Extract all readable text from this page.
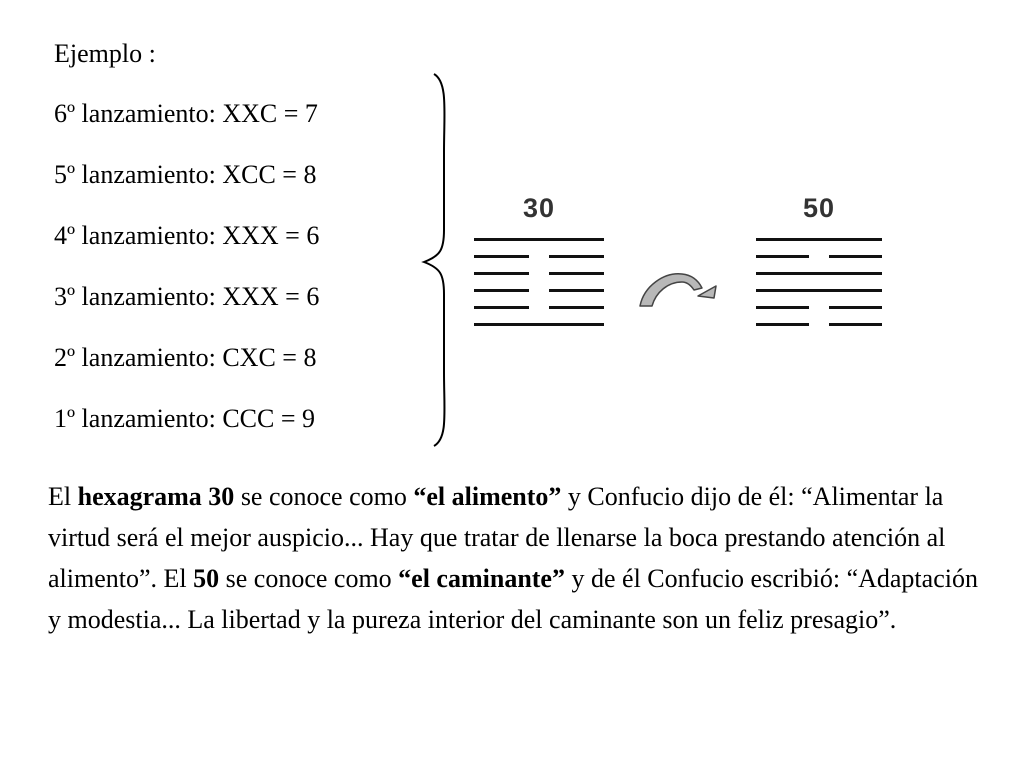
Ejemplo :
6º lanzamiento: XXC = 7
5º lanzamiento: XCC = 8
4º lanzamiento: XXX = 6
3º lanzamiento: XXX = 6
2º lanzamiento: CXC = 8
1º lanzamiento: CCC = 9
30	50

El hexagrama 30 se conoce como “el alimento” y Confucio dijo de él: “Alimentar la virtud será el mejor auspicio... Hay que tratar de llenarse la boca prestando atención al alimento”. El 50 se conoce como “el caminante” y de él Confucio escribió: “Adaptación y modestia... La libertad y la pureza interior del caminante son un feliz presagio”.
